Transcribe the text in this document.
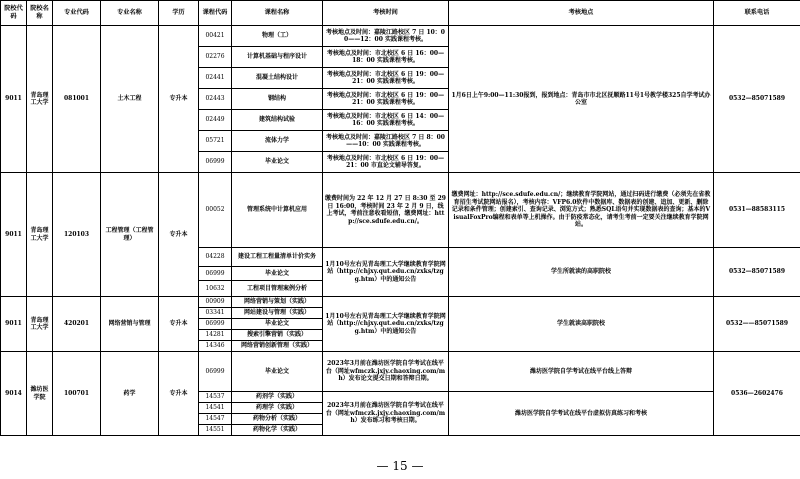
院校代码	院校名称	专业代码	专业名称	学历	课程代码	课程名称	考核时间	考核地点	联系电话
9011	青岛理工大学	081001	土木工程	专升本	00421	物理（工）	考核地点及时间：嘉陵江路校区 7 日 10：00——12：00 实践课程考核。	1月6日上午9:00—11:30报到，报到地点：青岛市市北区抚顺路11号1号教学楼325自学考试办公室	0532—85071589
					02276	计算机基础与程序设计	考核地点及时间：市北校区 6 日 16：00—18：00 实践课程考核。		
					02441	混凝土结构设计	考核地点及时间：市北校区 6 日 19：00—21：00 实践课程考核。		
					02443	钢结构	考核地点及时间：市北校区 6 日 19：00—21：00 实践课程考核。		
					02449	建筑结构试验	考核地点及时间：市北校区 6 日 14：00—16：00 实践课程考核。		
					05721	流体力学	考核地点及时间：嘉陵江路校区 7 日 8：00——10：00 实践课程考核。		
					06999	毕业论文	考核地点及时间：市北校区 6 日 19：00—21：00 市直论文辅导答复。		
9011	青岛理工大学	120103	工程管理（工程管理）	专升本	00052	管理系统中计算机应用	缴费时间为 22 年 12 月 27 日 8:30 至 29 日 16:00，考核时间 23 年 2 月 9 日，线上考试，考前注意收看短信，缴费网址：http://sce.sdufe.edu.cn/。	缴费网址：http://sce.sdufe.edu.cn/；继续教育学院网站，通过扫码进行缴费（必须先在省教育招生考试院网站报名），考核内容：VFP6.0软件中数据库、数据表的创建、追加、更新、删除记录和条件管理；创建索引、查询记录、浏览方式；熟悉SQL语句并实现数据表的查询；基本的VisualFoxPro编程和表单等上机操作。由于防疫常态化，请考生考前一定要关注继续教育学院网站。	0531—88583115
					04228	建设工程工程量清单计价实务	1月10号左右见青岛理工大学继续教育学院网站（http://chjxy.qut.edu.cn/zxks/tzgg.htm）中的通知公告	学生所就读的高职院校	0532—85071589
					06999	毕业论文			
					10632	工程项目管理案例分析			
9011	青岛理工大学	420201	网络营销与管理	专升本	00909	网络营销与策划（实践）	1月10号左右见青岛理工大学继续教育学院网站（http://chjxy.qut.edu.cn/zxks/tzgg.htm）中的通知公告	学生就读高职院校	0532——85071589
					03341	网站建设与管理（实践）			
					06999	毕业论文			
					14281	搜索引擎营销（实践）			
					14346	网络营销创新管理（实践）			
9014	潍坊医学院	100701	药学	专升本	06999	毕业论文	2023年3月前在潍坊医学院自学考试在线平台（网址wfmczk.jxjy.chaoxing.com/mh）发布论文提交日期和答辩日期。	潍坊医学院自学考试在线平台线上答辩	0536—2602476
					14537	药剂学（实践）	2023年3月前在潍坊医学院自学考试在线平台（网址wfmczk.jxjy.chaoxing.com/mh）发布练习和考核日期。	潍坊医学院自学考试在线平台虚拟仿真练习和考核	
					14541	药理学（实践）			
					14547	药物分析（实践）			
					14551	药物化学（实践）			
— 15 —
